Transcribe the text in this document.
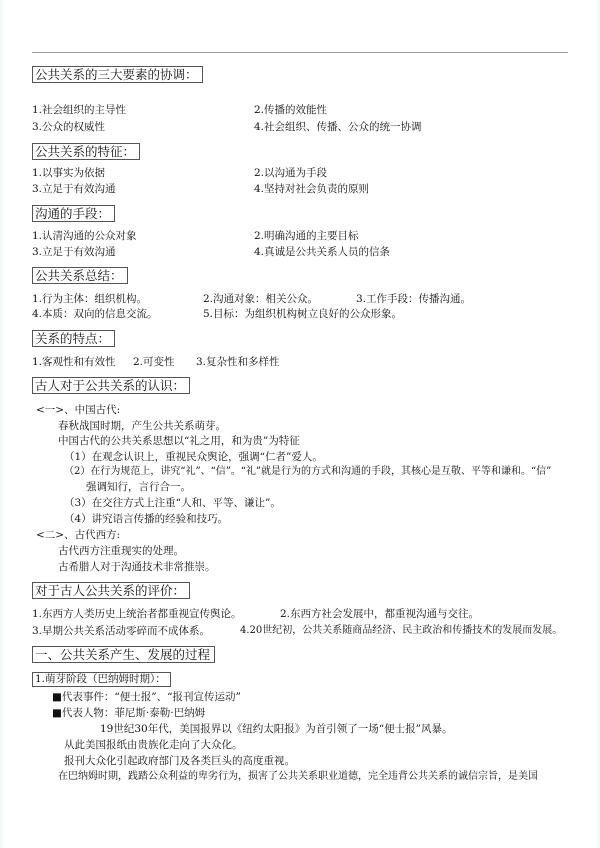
公共关系的三大要素的协调：
1.社会组织的主导性	2.传播的效能性
3.公众的权威性	4.社会组织、传播、公众的统一协调
公共关系的特征：
1.以事实为依据	2.以沟通为手段
3.立足于有效沟通	4.坚持对社会负责的原则
沟通的手段：
1.认清沟通的公众对象	2.明确沟通的主要目标
3.立足于有效沟通	4.真诚是公共关系人员的信条
公共关系总结：
1.行为主体：组织机构。	2.沟通对象：相关公众。	3.工作手段：传播沟通。
4.本质：双向的信息交流。	5.目标：为组织机构树立良好的公众形象。
关系的特点：
1.客观性和有效性 2.可变性 3.复杂性和多样性
古人对于公共关系的认识：
<一>、中国古代:
春秋战国时期，产生公共关系萌芽。
中国古代的公共关系思想以“礼之用，和为贵”为特征
（1）在观念认识上，重视民众舆论，强调“仁者”爱人。
（2）在行为规范上，讲究“礼”、“信”。“礼”就是行为的方式和沟通的手段，其核心是互敬、平等和谦和。“信”
强调知行，言行合一。
（3）在交往方式上注重“人和、平等、谦让”。
（4）讲究语言传播的经验和技巧。
<二>、古代西方:
古代西方注重现实的处理。
古希腊人对于沟通技术非常推崇。
对于古人公共关系的评价：
1.东西方人类历史上统治者都重视宣传舆论。	2.东西方社会发展中，都重视沟通与交往。
3.早期公共关系活动零碎而不成体系。	4.20世纪初，公共关系随商品经济、民主政治和传播技术的发展而发展。
一、公共关系产生、发展的过程
1.萌芽阶段（巴纳姆时期）：
■代表事件：“便士报”、“报刊宣传运动”
■代表人物：菲尼斯·泰勒·巴纳姆
19世纪30年代，美国报界以《纽约太阳报》为首引领了一场“便士报”风暴。
从此美国报纸由贵族化走向了大众化。
报刊大众化引起政府部门及各类巨头的高度重视。
在巴纳姆时期，践踏公众利益的卑劣行为，损害了公共关系职业道德，完全违背公共关系的诚信宗旨，是美国
